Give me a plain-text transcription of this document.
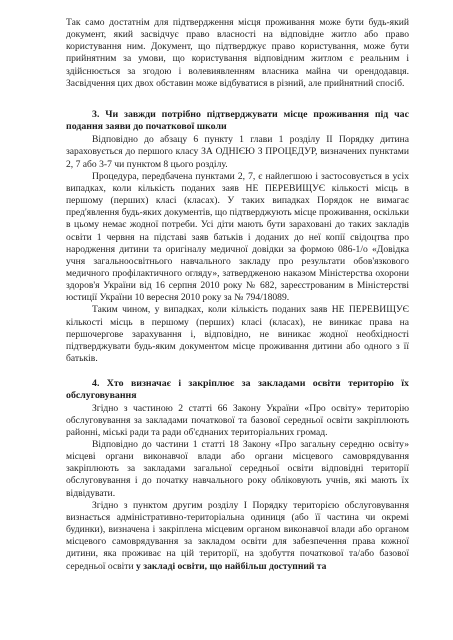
Так само достатнім для підтвердження місця проживання може бути будь-який документ, який засвідчує право власності на відповідне житло або право користування ним. Документ, що підтверджує право користування, може бути прийнятним за умови, що користування відповідним житлом є реальним і здійснюється за згодою і волевиявленням власника майна чи орендодавця. Засвідчення цих двох обставин може відбуватися в різний, але прийнятний спосіб.

3. Чи завжди потрібно підтверджувати місце проживання під час подання заяви до початкової школи

Відповідно до абзацу 6 пункту 1 глави 1 розділу II Порядку дитина зараховується до першого класу ЗА ОДНІЄЮ З ПРОЦЕДУР, визначених пунктами 2, 7 або 3-7 чи пунктом 8 цього розділу.

Процедура, передбачена пунктами 2, 7, є найлегшою і застосовується в усіх випадках, коли кількість поданих заяв НЕ ПЕРЕВИЩУЄ кількості місць в першому (перших) класі (класах). У таких випадках Порядок не вимагає пред'явлення будь-яких документів, що підтверджують місце проживання, оскільки в цьому немає жодної потреби. Усі діти мають бути зараховані до таких закладів освіти 1 червня на підставі заяв батьків і доданих до неї копії свідоцтва про народження дитини та оригіналу медичної довідки за формою 086-1/о «Довідка учня загальноосвітнього навчального закладу про результати обов'язкового медичного профілактичного огляду», затвердженою наказом Міністерства охорони здоров'я України від 16 серпня 2010 року № 682, зареєстрованим в Міністерстві юстиції України 10 вересня 2010 року за № 794/18089.

Таким чином, у випадках, коли кількість поданих заяв НЕ ПЕРЕВИЩУЄ кількості місць в першому (перших) класі (класах), не виникає права на першочергове зарахування і, відповідно, не виникає жодної необхідності підтверджувати будь-яким документом місце проживання дитини або одного з її батьків.

4. Хто визначає і закріплює за закладами освіти територію їх обслуговування

Згідно з частиною 2 статті 66 Закону України «Про освіту» територію обслуговування за закладами початкової та базової середньої освіти закріплюють районні, міські ради та ради об'єднаних територіальних громад.

Відповідно до частини 1 статті 18 Закону «Про загальну середню освіту» місцеві органи виконавчої влади або органи місцевого самоврядування закріплюють за закладами загальної середньої освіти відповідні території обслуговування і до початку навчального року обліковують учнів, які мають їх відвідувати.

Згідно з пунктом другим розділу I Порядку територією обслуговування визнається адміністративно-територіальна одиниця (або її частина чи окремі будинки), визначена і закріплена місцевим органом виконавчої влади або органом місцевого самоврядування за закладом освіти для забезпечення права кожної дитини, яка проживає на цій території, на здобуття початкової та/або базової середньої освіти у закладі освіти, що найбільш доступний та
